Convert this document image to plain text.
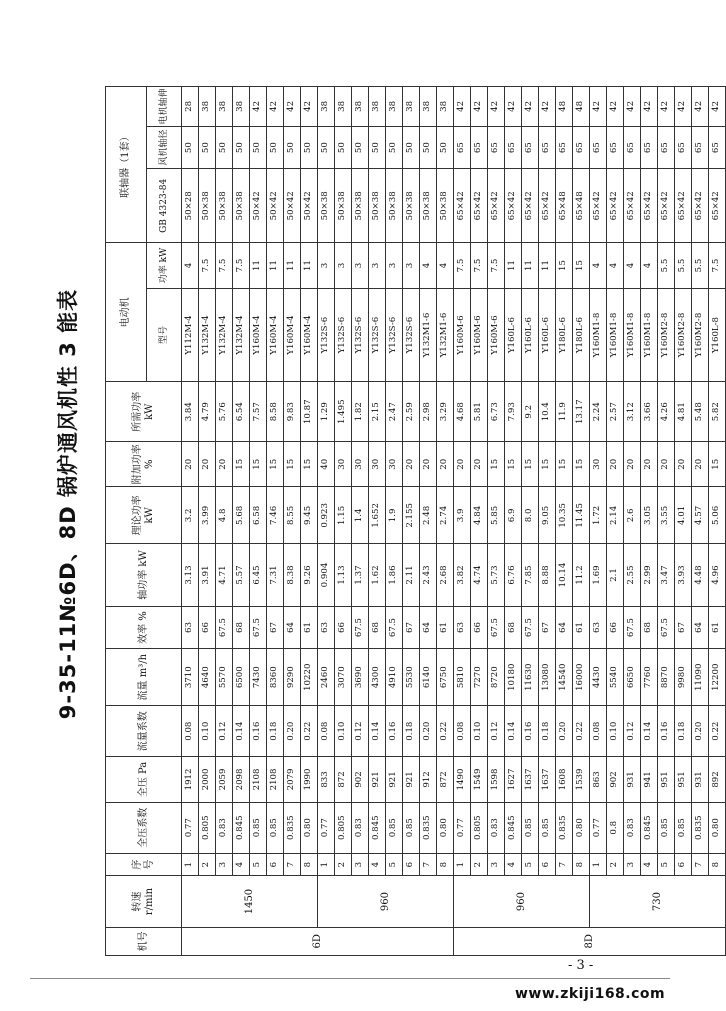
9-35-11№6D、8D 锅炉通风机性 3 能表
机号	转速 r/min	序号	全压系数	全压 Pa	流量系数	流量 m³/h	效率 %	轴功率 kW	理论功率 kW	附加功率 %	所需功率 kW	电动机		联轴器（1套）		
												型号	功率 kW	GB 4323-84	风机轴径	电机轴伸
6D	1450	1	0.77	1912	0.08	3710	63	3.13	3.2	20	3.84	Y112M-4	4	50×28	50	28
		2	0.805	2000	0.10	4640	66	3.91	3.99	20	4.79	Y132M-4	7.5	50×38	50	38
		3	0.83	2059	0.12	5570	67.5	4.71	4.8	20	5.76	Y132M-4	7.5	50×38	50	38
		4	0.845	2098	0.14	6500	68	5.57	5.68	15	6.54	Y132M-4	7.5	50×38	50	38
		5	0.85	2108	0.16	7430	67.5	6.45	6.58	15	7.57	Y160M-4	11	50×42	50	42
		6	0.85	2108	0.18	8360	67	7.31	7.46	15	8.58	Y160M-4	11	50×42	50	42
		7	0.835	2079	0.20	9290	64	8.38	8.55	15	9.83	Y160M-4	11	50×42	50	42
		8	0.80	1990	0.22	10220	61	9.26	9.45	15	10.87	Y160M-4	11	50×42	50	42
	960	1	0.77	833	0.08	2460	63	0.904	0.923	40	1.29	Y132S-6	3	50×38	50	38
		2	0.805	872	0.10	3070	66	1.13	1.15	30	1.495	Y132S-6	3	50×38	50	38
		3	0.83	902	0.12	3690	67.5	1.37	1.4	30	1.82	Y132S-6	3	50×38	50	38
		4	0.845	921	0.14	4300	68	1.62	1.652	30	2.15	Y132S-6	3	50×38	50	38
		5	0.85	921	0.16	4910	67.5	1.86	1.9	30	2.47	Y132S-6	3	50×38	50	38
		6	0.85	921	0.18	5530	67	2.11	2.155	20	2.59	Y132S-6	3	50×38	50	38
		7	0.835	912	0.20	6140	64	2.43	2.48	20	2.98	Y132M1-6	4	50×38	50	38
		8	0.80	872	0.22	6750	61	2.68	2.74	20	3.29	Y132M1-6	4	50×38	50	38
8D	960	1	0.77	1490	0.08	5810	63	3.82	3.9	20	4.68	Y160M-6	7.5	65×42	65	42
		2	0.805	1549	0.10	7270	66	4.74	4.84	20	5.81	Y160M-6	7.5	65×42	65	42
		3	0.83	1598	0.12	8720	67.5	5.73	5.85	15	6.73	Y160M-6	7.5	65×42	65	42
		4	0.845	1627	0.14	10180	68	6.76	6.9	15	7.93	Y160L-6	11	65×42	65	42
		5	0.85	1637	0.16	11630	67.5	7.85	8.0	15	9.2	Y160L-6	11	65×42	65	42
		6	0.85	1637	0.18	13080	67	8.88	9.05	15	10.4	Y160L-6	11	65×42	65	42
		7	0.835	1608	0.20	14540	64	10.14	10.35	15	11.9	Y180L-6	15	65×48	65	48
		8	0.80	1539	0.22	16000	61	11.2	11.45	15	13.17	Y180L-6	15	65×48	65	48
	730	1	0.77	863	0.08	4430	63	1.69	1.72	30	2.24	Y160M1-8	4	65×42	65	42
		2	0.8	902	0.10	5540	66	2.1	2.14	20	2.57	Y160M1-8	4	65×42	65	42
		3	0.83	931	0.12	6650	67.5	2.55	2.6	20	3.12	Y160M1-8	4	65×42	65	42
		4	0.845	941	0.14	7760	68	2.99	3.05	20	3.66	Y160M1-8	4	65×42	65	42
		5	0.85	951	0.16	8870	67.5	3.47	3.55	20	4.26	Y160M2-8	5.5	65×42	65	42
		6	0.85	951	0.18	9980	67	3.93	4.01	20	4.81	Y160M2-8	5.5	65×42	65	42
		7	0.835	931	0.20	11090	64	4.48	4.57	20	5.48	Y160M2-8	5.5	65×42	65	42
		8	0.80	892	0.22	12200	61	4.96	5.06	15	5.82	Y160L-8	7.5	65×42	65	42
- 3 -
www.zkiji168.com
